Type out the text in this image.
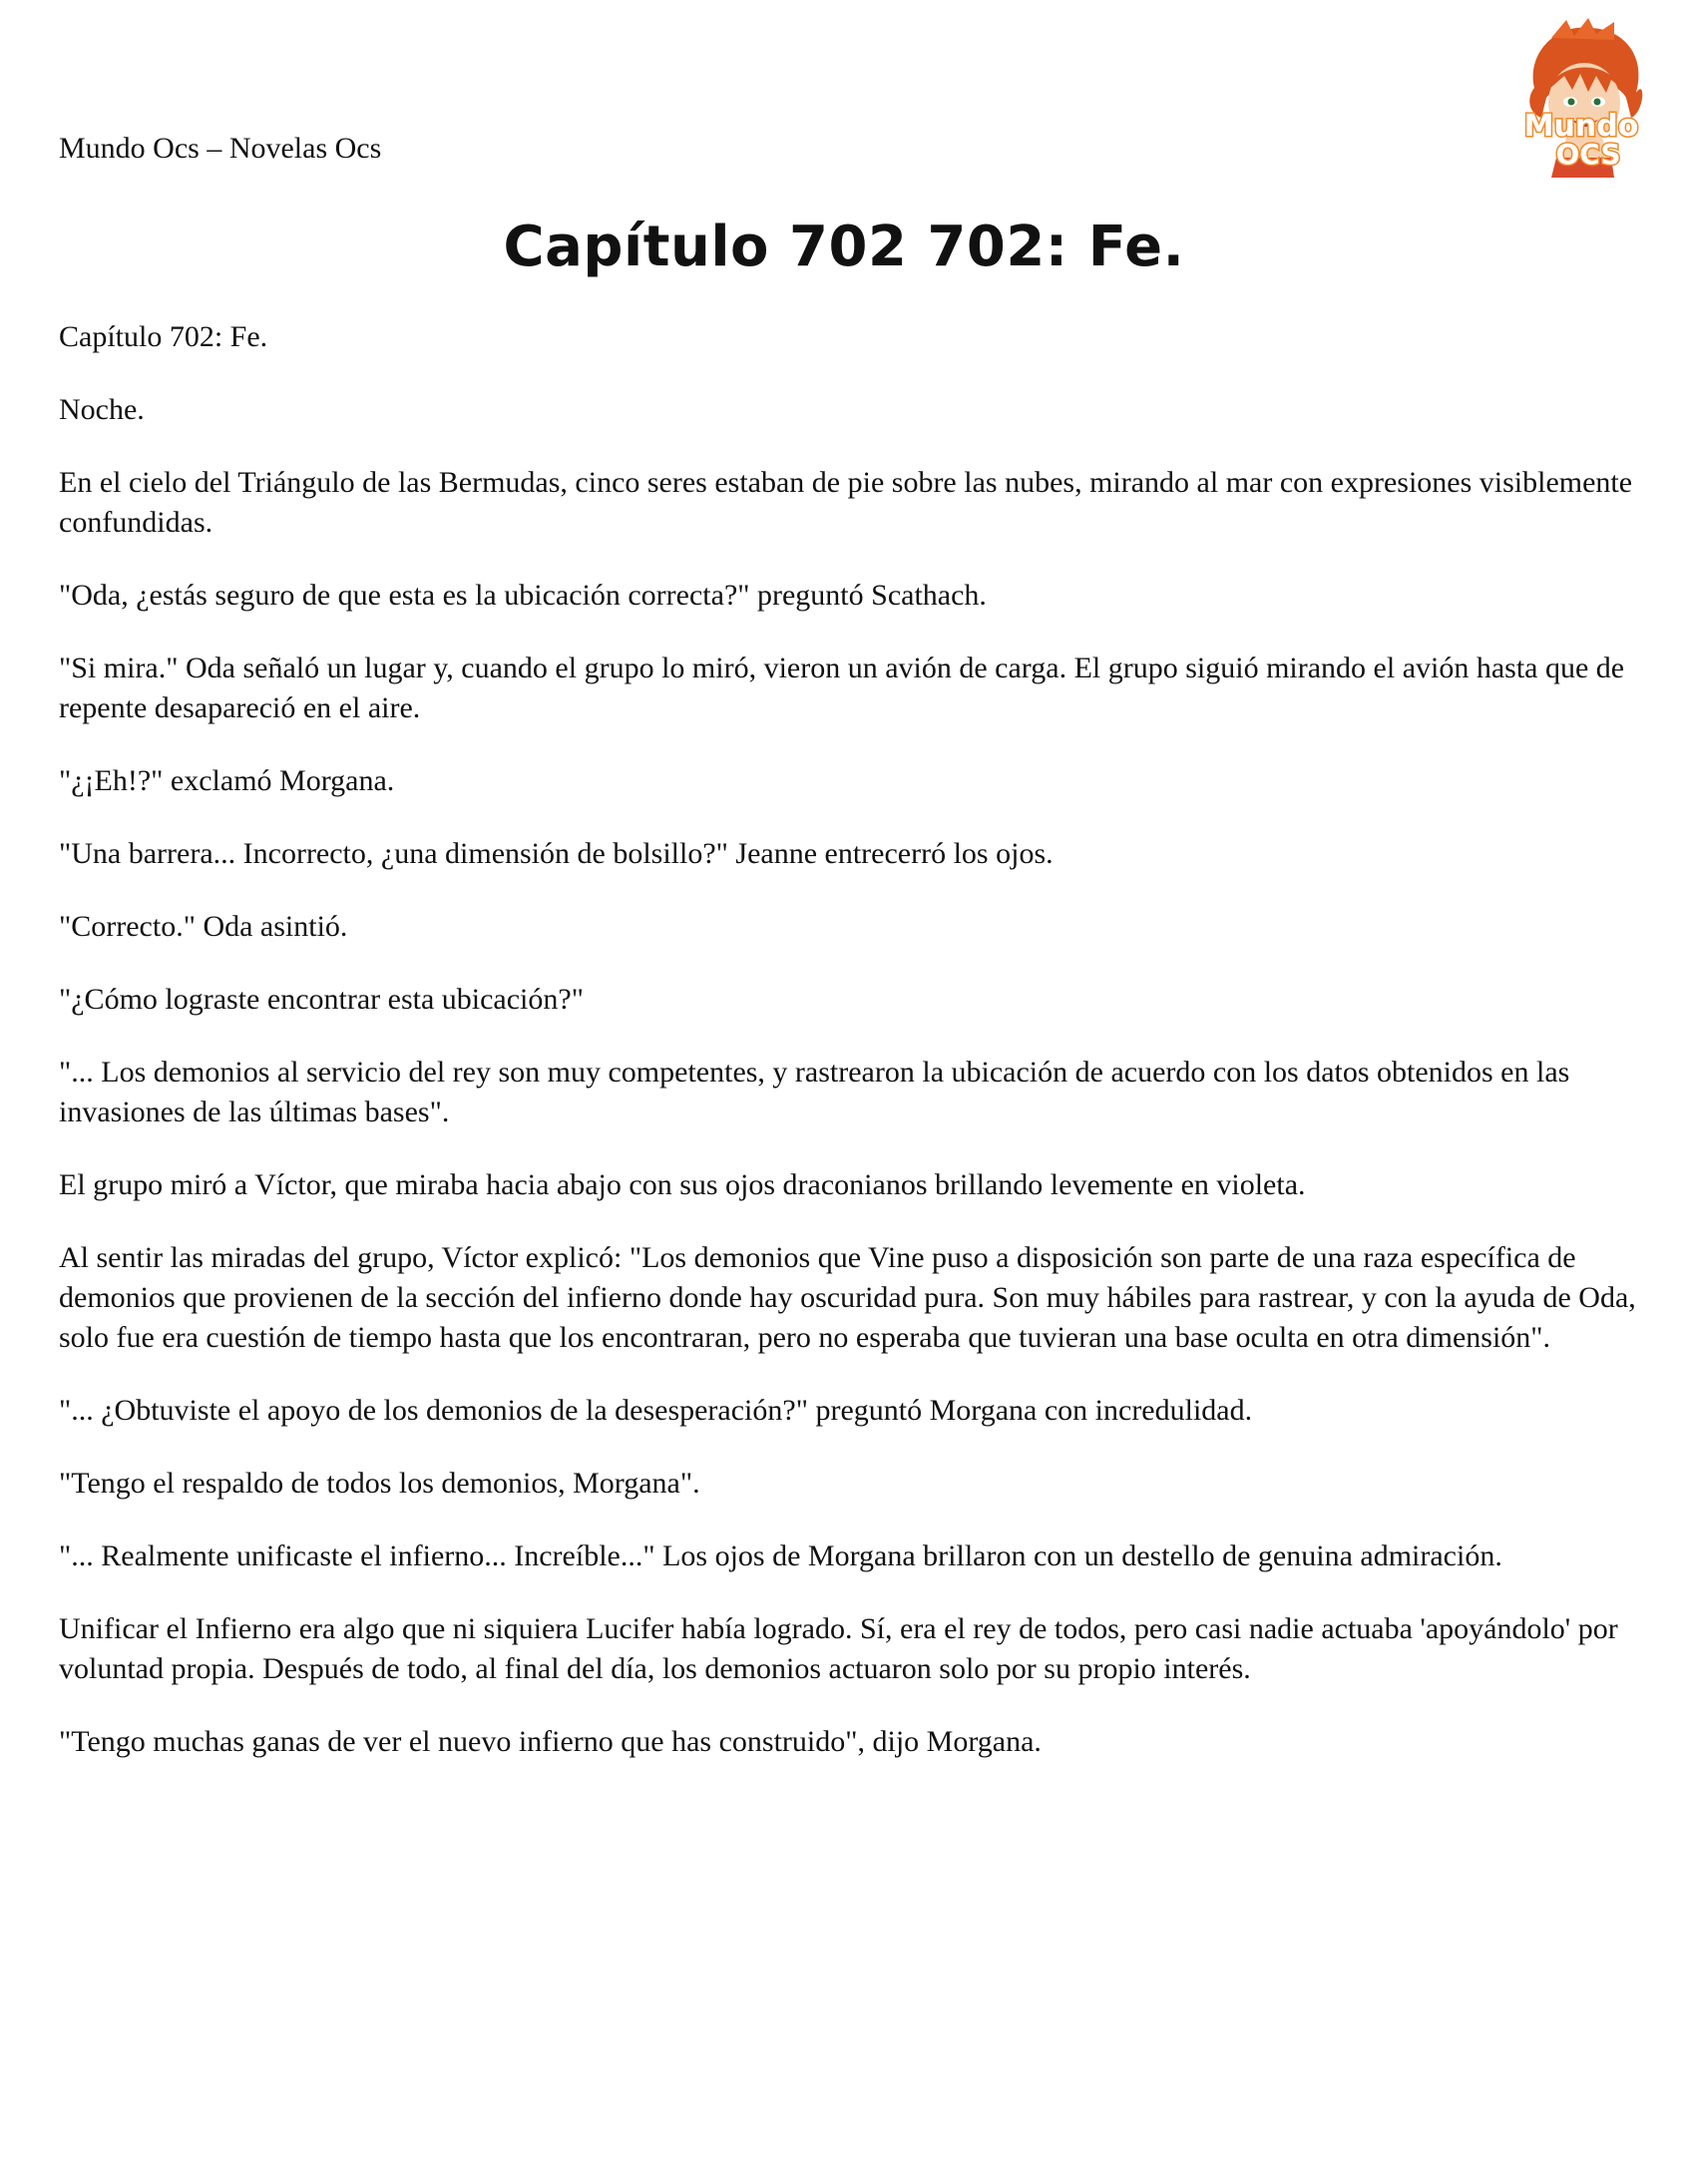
Mundo Ocs – Novelas Ocs

Mundo
OCS
Capítulo 702 702: Fe.

Capítulo 702: Fe.

Noche.

En el cielo del Triángulo de las Bermudas, cinco seres estaban de pie sobre las nubes, mirando al mar con expresiones visiblemente confundidas.

"Oda, ¿estás seguro de que esta es la ubicación correcta?" preguntó Scathach.

"Si mira." Oda señaló un lugar y, cuando el grupo lo miró, vieron un avión de carga. El grupo siguió mirando el avión hasta que de repente desapareció en el aire.

"¿¡Eh!?" exclamó Morgana.

"Una barrera... Incorrecto, ¿una dimensión de bolsillo?" Jeanne entrecerró los ojos.

"Correcto." Oda asintió.

"¿Cómo lograste encontrar esta ubicación?"

"... Los demonios al servicio del rey son muy competentes, y rastrearon la ubicación de acuerdo con los datos obtenidos en las invasiones de las últimas bases".

El grupo miró a Víctor, que miraba hacia abajo con sus ojos draconianos brillando levemente en violeta.

Al sentir las miradas del grupo, Víctor explicó: "Los demonios que Vine puso a disposición son parte de una raza específica de demonios que provienen de la sección del infierno donde hay oscuridad pura. Son muy hábiles para rastrear, y con la ayuda de Oda, solo fue era cuestión de tiempo hasta que los encontraran, pero no esperaba que tuvieran una base oculta en otra dimensión".

"... ¿Obtuviste el apoyo de los demonios de la desesperación?" preguntó Morgana con incredulidad.

"Tengo el respaldo de todos los demonios, Morgana".

"... Realmente unificaste el infierno... Increíble..." Los ojos de Morgana brillaron con un destello de genuina admiración.

Unificar el Infierno era algo que ni siquiera Lucifer había logrado. Sí, era el rey de todos, pero casi nadie actuaba 'apoyándolo' por voluntad propia. Después de todo, al final del día, los demonios actuaron solo por su propio interés.

"Tengo muchas ganas de ver el nuevo infierno que has construido", dijo Morgana.
